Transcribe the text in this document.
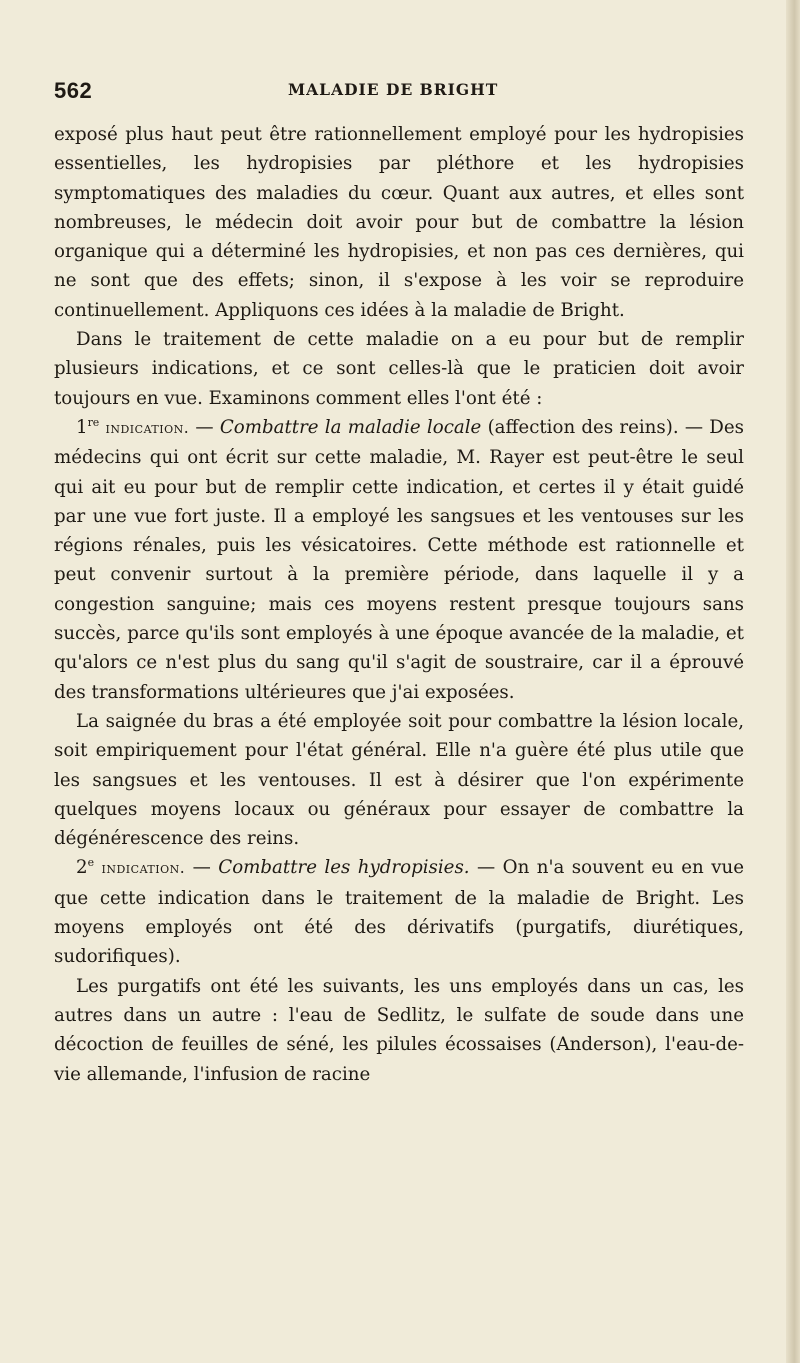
562	MALADIE DE BRIGHT

exposé plus haut peut être rationnellement employé pour les hydropisies essentielles, les hydropisies par pléthore et les hydropisies symptomatiques des maladies du cœur. Quant aux autres, et elles sont nombreuses, le médecin doit avoir pour but de combattre la lésion organique qui a déterminé les hydropisies, et non pas ces dernières, qui ne sont que des effets; sinon, il s'expose à les voir se reproduire continuellement. Appliquons ces idées à la maladie de Bright.

Dans le traitement de cette maladie on a eu pour but de remplir plusieurs indications, et ce sont celles-là que le praticien doit avoir toujours en vue. Examinons comment elles l'ont été :

1re indication. — Combattre la maladie locale (affection des reins). — Des médecins qui ont écrit sur cette maladie, M. Rayer est peut-être le seul qui ait eu pour but de remplir cette indication, et certes il y était guidé par une vue fort juste. Il a employé les sangsues et les ventouses sur les régions rénales, puis les vésicatoires. Cette méthode est rationnelle et peut convenir surtout à la première période, dans laquelle il y a congestion sanguine; mais ces moyens restent presque toujours sans succès, parce qu'ils sont employés à une époque avancée de la maladie, et qu'alors ce n'est plus du sang qu'il s'agit de soustraire, car il a éprouvé des transformations ultérieures que j'ai exposées.

La saignée du bras a été employée soit pour combattre la lésion locale, soit empiriquement pour l'état général. Elle n'a guère été plus utile que les sangsues et les ventouses. Il est à désirer que l'on expérimente quelques moyens locaux ou généraux pour essayer de combattre la dégénérescence des reins.

2e indication. — Combattre les hydropisies. — On n'a souvent eu en vue que cette indication dans le traitement de la maladie de Bright. Les moyens employés ont été des dérivatifs (purgatifs, diurétiques, sudorifiques).

Les purgatifs ont été les suivants, les uns employés dans un cas, les autres dans un autre : l'eau de Sedlitz, le sulfate de soude dans une décoction de feuilles de séné, les pilules écossaises (Anderson), l'eau-de-vie allemande, l'infusion de racine
